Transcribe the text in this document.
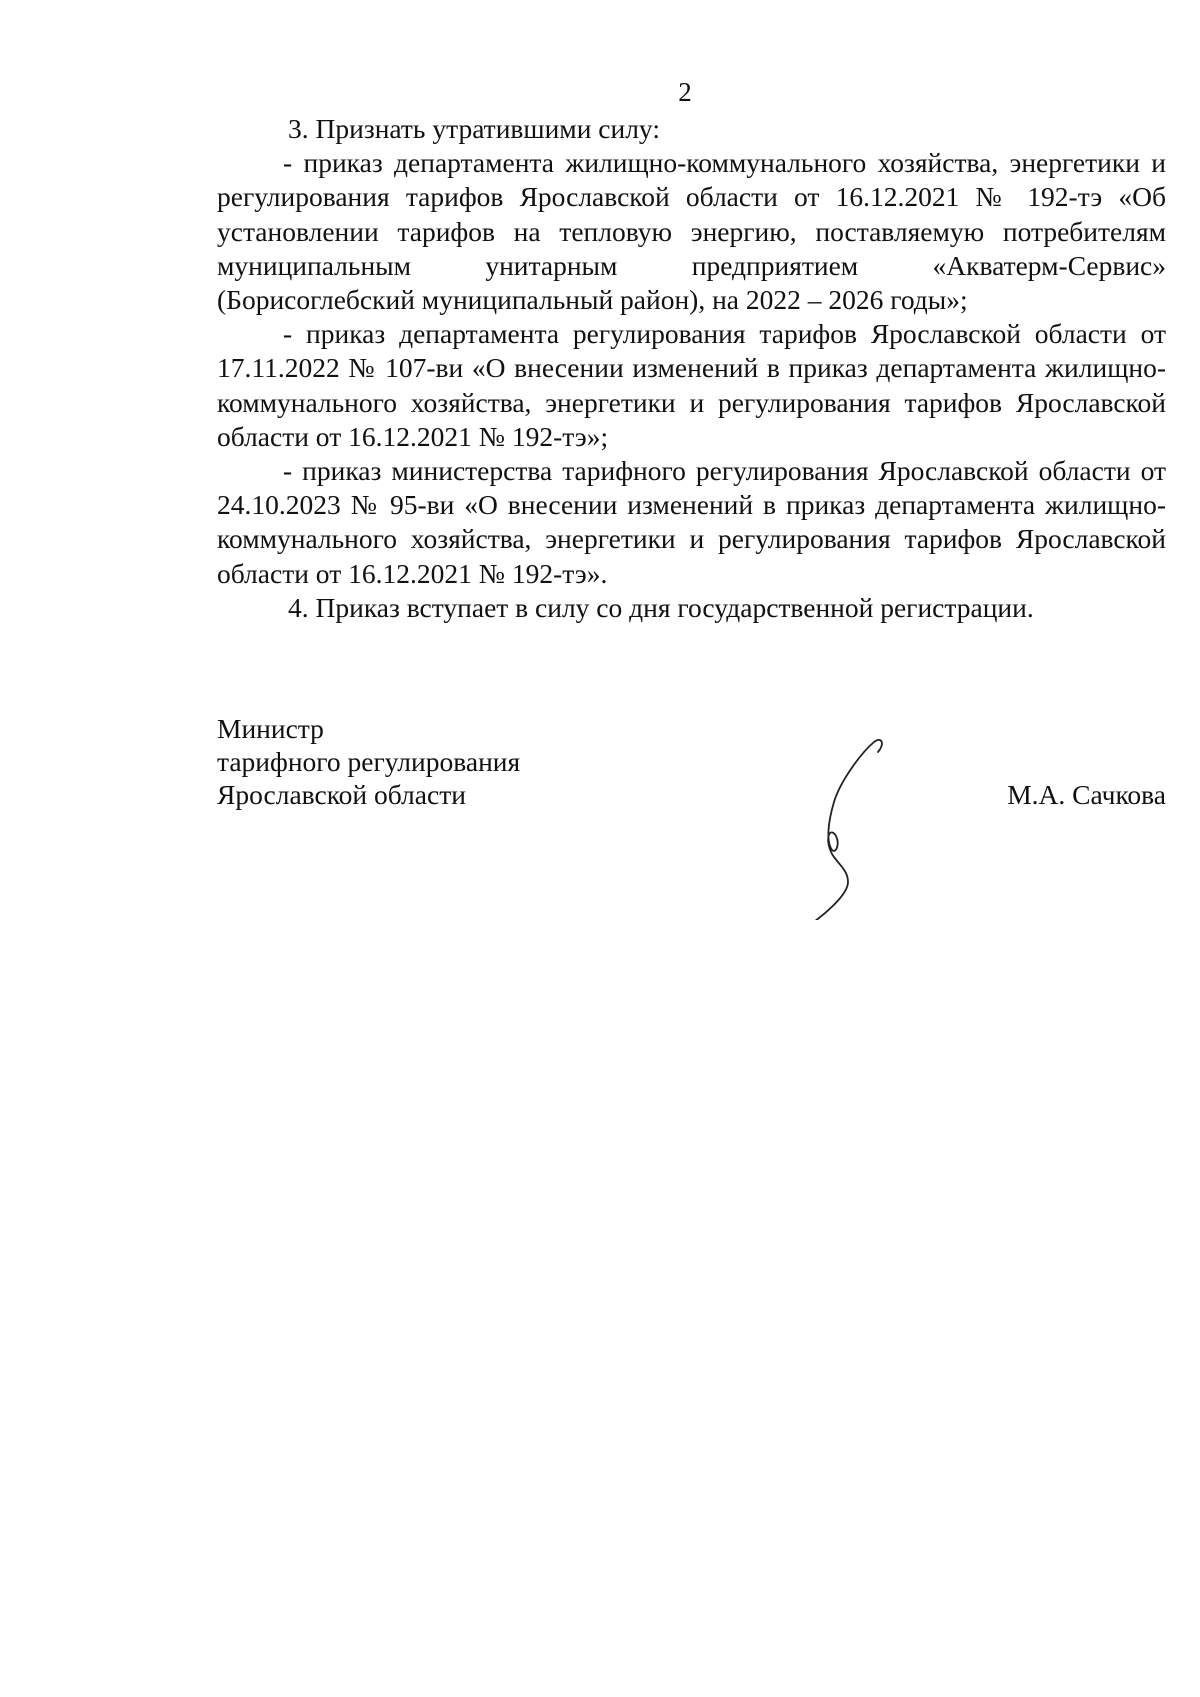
2

3. Признать утратившими силу:

- приказ департамента жилищно-коммунального хозяйства, энергетики и регулирования тарифов Ярославской области от 16.12.2021 № 192-тэ «Об установлении тарифов на тепловую энергию, поставляемую потребителям муниципальным унитарным предприятием «Акватерм-Сервис» (Борисоглебский муниципальный район), на 2022 – 2026 годы»;

- приказ департамента регулирования тарифов Ярославской области от 17.11.2022 № 107-ви «О внесении изменений в приказ департамента жилищно-коммунального хозяйства, энергетики и регулирования тарифов Ярославской области от 16.12.2021 № 192-тэ»;

- приказ министерства тарифного регулирования Ярославской области от 24.10.2023 № 95-ви «О внесении изменений в приказ департамента жилищно-коммунального хозяйства, энергетики и регулирования тарифов Ярославской области от 16.12.2021 № 192-тэ».

4. Приказ вступает в силу со дня государственной регистрации.

Министр
тарифного регулирования
Ярославской области	М.А. Сачкова
